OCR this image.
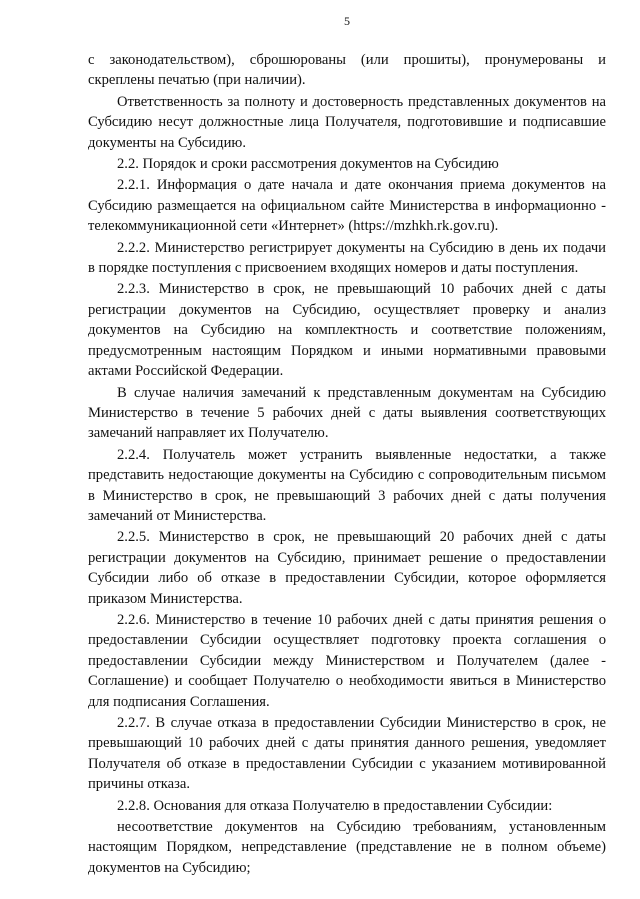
5

с законодательством), сброшюрованы (или прошиты), пронумерованы и скреплены печатью (при наличии).

Ответственность за полноту и достоверность представленных документов на Субсидию несут должностные лица Получателя, подготовившие и подписавшие документы на Субсидию.

2.2. Порядок и сроки рассмотрения документов на Субсидию

2.2.1. Информация о дате начала и дате окончания приема документов на Субсидию размещается на официальном сайте Министерства в информационно - телекоммуникационной сети «Интернет» (https://mzhkh.rk.gov.ru).

2.2.2. Министерство регистрирует документы на Субсидию в день их подачи в порядке поступления с присвоением входящих номеров и даты поступления.

2.2.3. Министерство в срок, не превышающий 10 рабочих дней с даты регистрации документов на Субсидию, осуществляет проверку и анализ документов на Субсидию на комплектность и соответствие положениям, предусмотренным настоящим Порядком и иными нормативными правовыми актами Российской Федерации.

В случае наличия замечаний к представленным документам на Субсидию Министерство в течение 5 рабочих дней с даты выявления соответствующих замечаний направляет их Получателю.

2.2.4. Получатель может устранить выявленные недостатки, а также представить недостающие документы на Субсидию с сопроводительным письмом в Министерство в срок, не превышающий 3 рабочих дней с даты получения замечаний от Министерства.

2.2.5. Министерство в срок, не превышающий 20 рабочих дней с даты регистрации документов на Субсидию, принимает решение о предоставлении Субсидии либо об отказе в предоставлении Субсидии, которое оформляется приказом Министерства.

2.2.6. Министерство в течение 10 рабочих дней с даты принятия решения о предоставлении Субсидии осуществляет подготовку проекта соглашения о предоставлении Субсидии между Министерством и Получателем (далее - Соглашение) и сообщает Получателю о необходимости явиться в Министерство для подписания Соглашения.

2.2.7. В случае отказа в предоставлении Субсидии Министерство в срок, не превышающий 10 рабочих дней с даты принятия данного решения, уведомляет Получателя об отказе в предоставлении Субсидии с указанием мотивированной причины отказа.

2.2.8. Основания для отказа Получателю в предоставлении Субсидии:

несоответствие документов на Субсидию требованиям, установленным настоящим Порядком, непредставление (представление не в полном объеме) документов на Субсидию;
